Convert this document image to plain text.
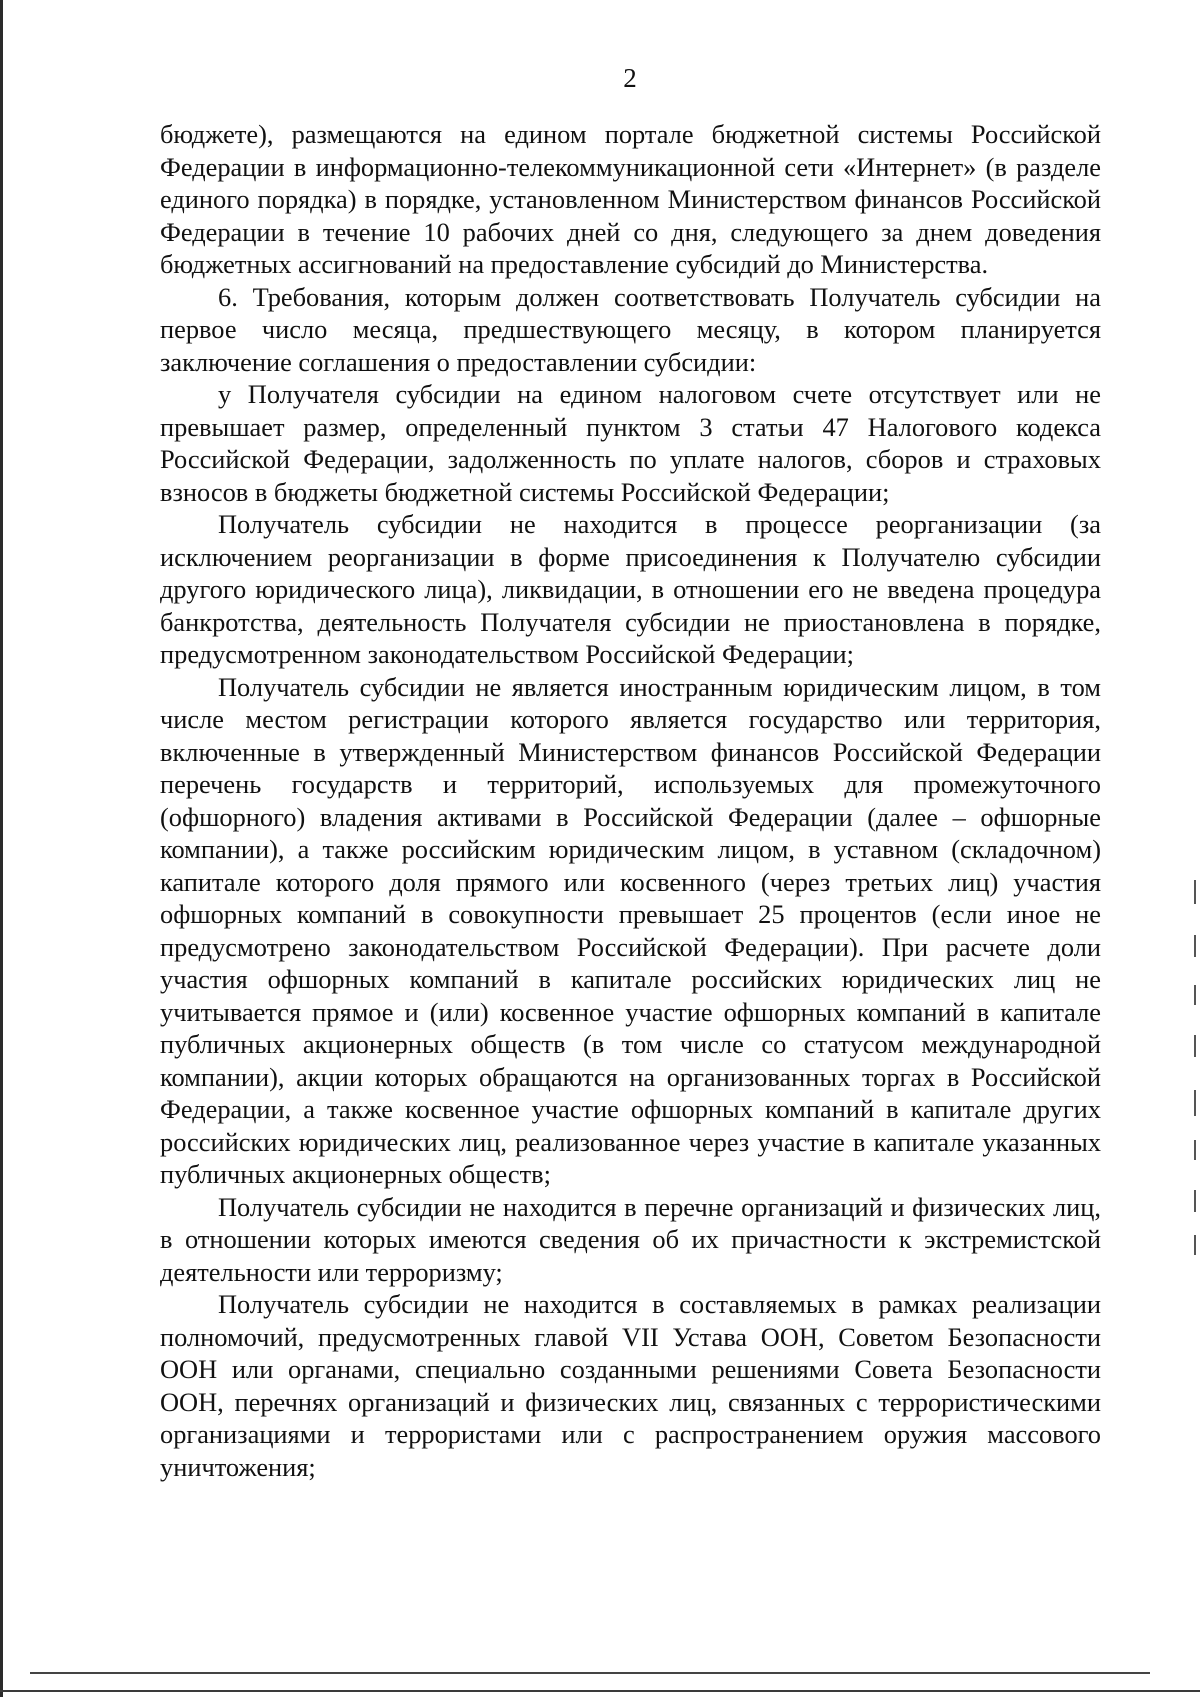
2

бюджете), размещаются на едином портале бюджетной системы Российской Федерации в информационно-телекоммуникационной сети «Интернет» (в разделе единого порядка) в порядке, установленном Министерством финансов Российской Федерации в течение 10 рабочих дней со дня, следующего за днем доведения бюджетных ассигнований на предоставление субсидий до Министерства.

6. Требования, которым должен соответствовать Получатель субсидии на первое число месяца, предшествующего месяцу, в котором планируется заключение соглашения о предоставлении субсидии:

у Получателя субсидии на едином налоговом счете отсутствует или не превышает размер, определенный пунктом 3 статьи 47 Налогового кодекса Российской Федерации, задолженность по уплате налогов, сборов и страховых взносов в бюджеты бюджетной системы Российской Федерации;

Получатель субсидии не находится в процессе реорганизации (за исключением реорганизации в форме присоединения к Получателю субсидии другого юридического лица), ликвидации, в отношении его не введена процедура банкротства, деятельность Получателя субсидии не приостановлена в порядке, предусмотренном законодательством Российской Федерации;

Получатель субсидии не является иностранным юридическим лицом, в том числе местом регистрации которого является государство или территория, включенные в утвержденный Министерством финансов Российской Федерации перечень государств и территорий, используемых для промежуточного (офшорного) владения активами в Российской Федерации (далее – офшорные компании), а также российским юридическим лицом, в уставном (складочном) капитале которого доля прямого или косвенного (через третьих лиц) участия офшорных компаний в совокупности превышает 25 процентов (если иное не предусмотрено законодательством Российской Федерации). При расчете доли участия офшорных компаний в капитале российских юридических лиц не учитывается прямое и (или) косвенное участие офшорных компаний в капитале публичных акционерных обществ (в том числе со статусом международной компании), акции которых обращаются на организованных торгах в Российской Федерации, а также косвенное участие офшорных компаний в капитале других российских юридических лиц, реализованное через участие в капитале указанных публичных акционерных обществ;

Получатель субсидии не находится в перечне организаций и физических лиц, в отношении которых имеются сведения об их причастности к экстремистской деятельности или терроризму;

Получатель субсидии не находится в составляемых в рамках реализации полномочий, предусмотренных главой VII Устава ООН, Советом Безопасности ООН или органами, специально созданными решениями Совета Безопасности ООН, перечнях организаций и физических лиц, связанных с террористическими организациями и террористами или с распространением оружия массового уничтожения;
